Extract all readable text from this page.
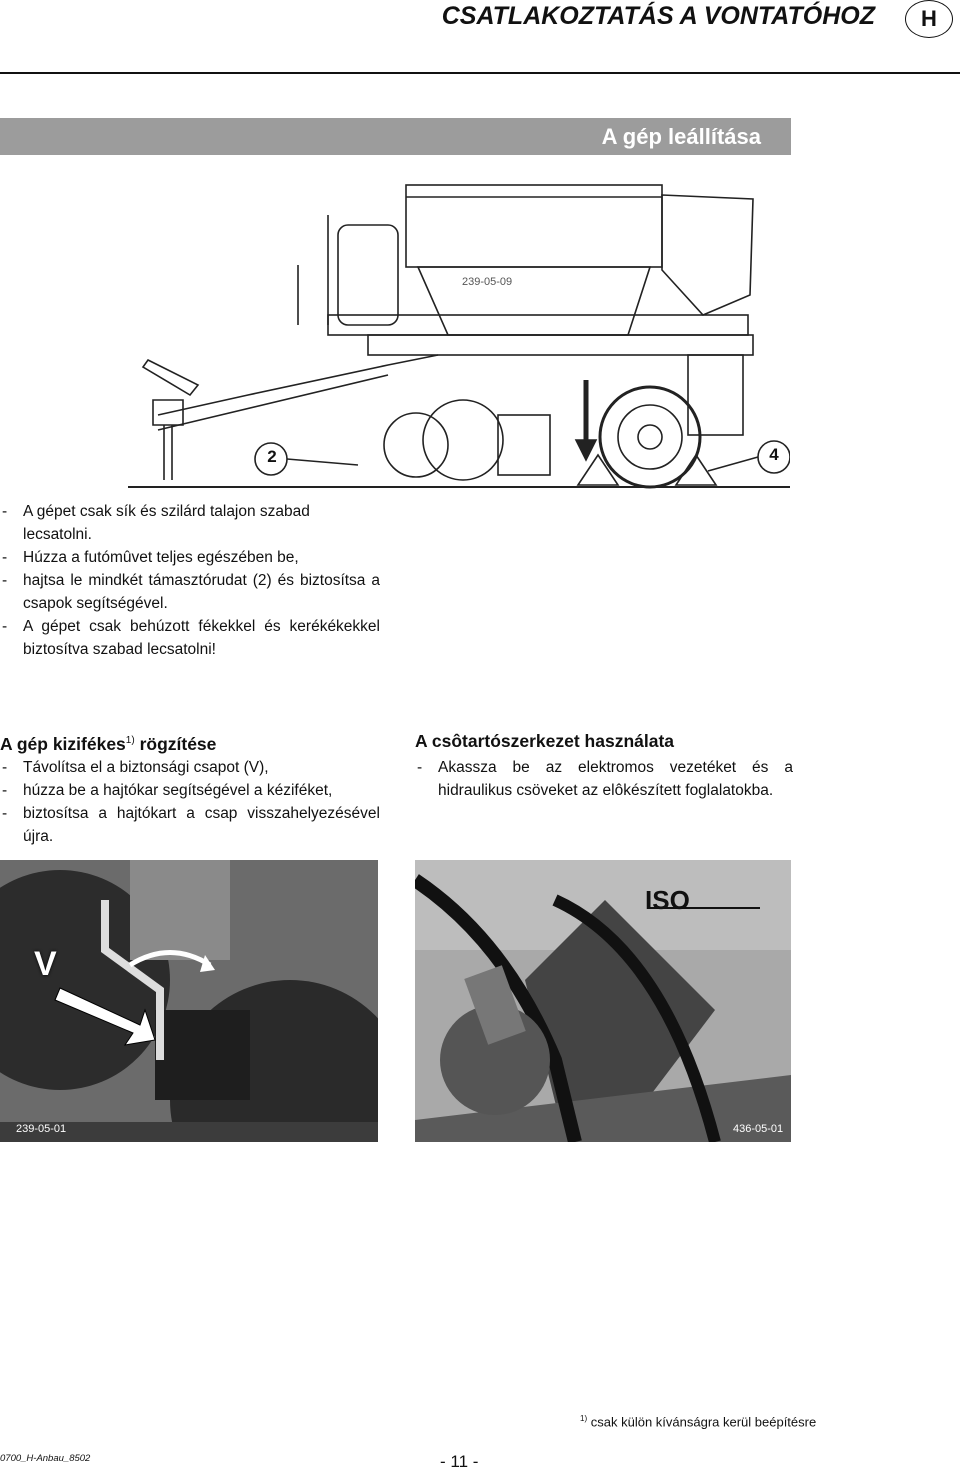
CSATLAKOZTATÁS A VONTATÓHOZ	H
A gép leállítása
239-05-09
2	4
- A gépet csak sík és szilárd talajon szabad lecsatolni.
- Húzza a futómûvet teljes egészében be,
- hajtsa le mindkét támasztórudat (2) és biztosítsa a csapok segítségével.
- A gépet csak behúzott fékekkel és kerékékekkel biztosítva szabad lecsatolni!
A gép kizifékes$^{1)}$ rögzítése
- Távolítsa el a biztonsági csapot (V),
- húzza be a hajtókar segítségével a kéziféket,
- biztosítsa a hajtókart a csap visszahelyezésével újra.
V
239-05-01
A csôtartószerkezet használata
- Akassza be az elektromos vezetéket és a hidraulikus csöveket az elôkészített foglalatokba.
ISO
436-05-01
$^{1)}$ csak külön kívánságra kerül beépítésre
0700_H-Anbau_8502	- 11 -
